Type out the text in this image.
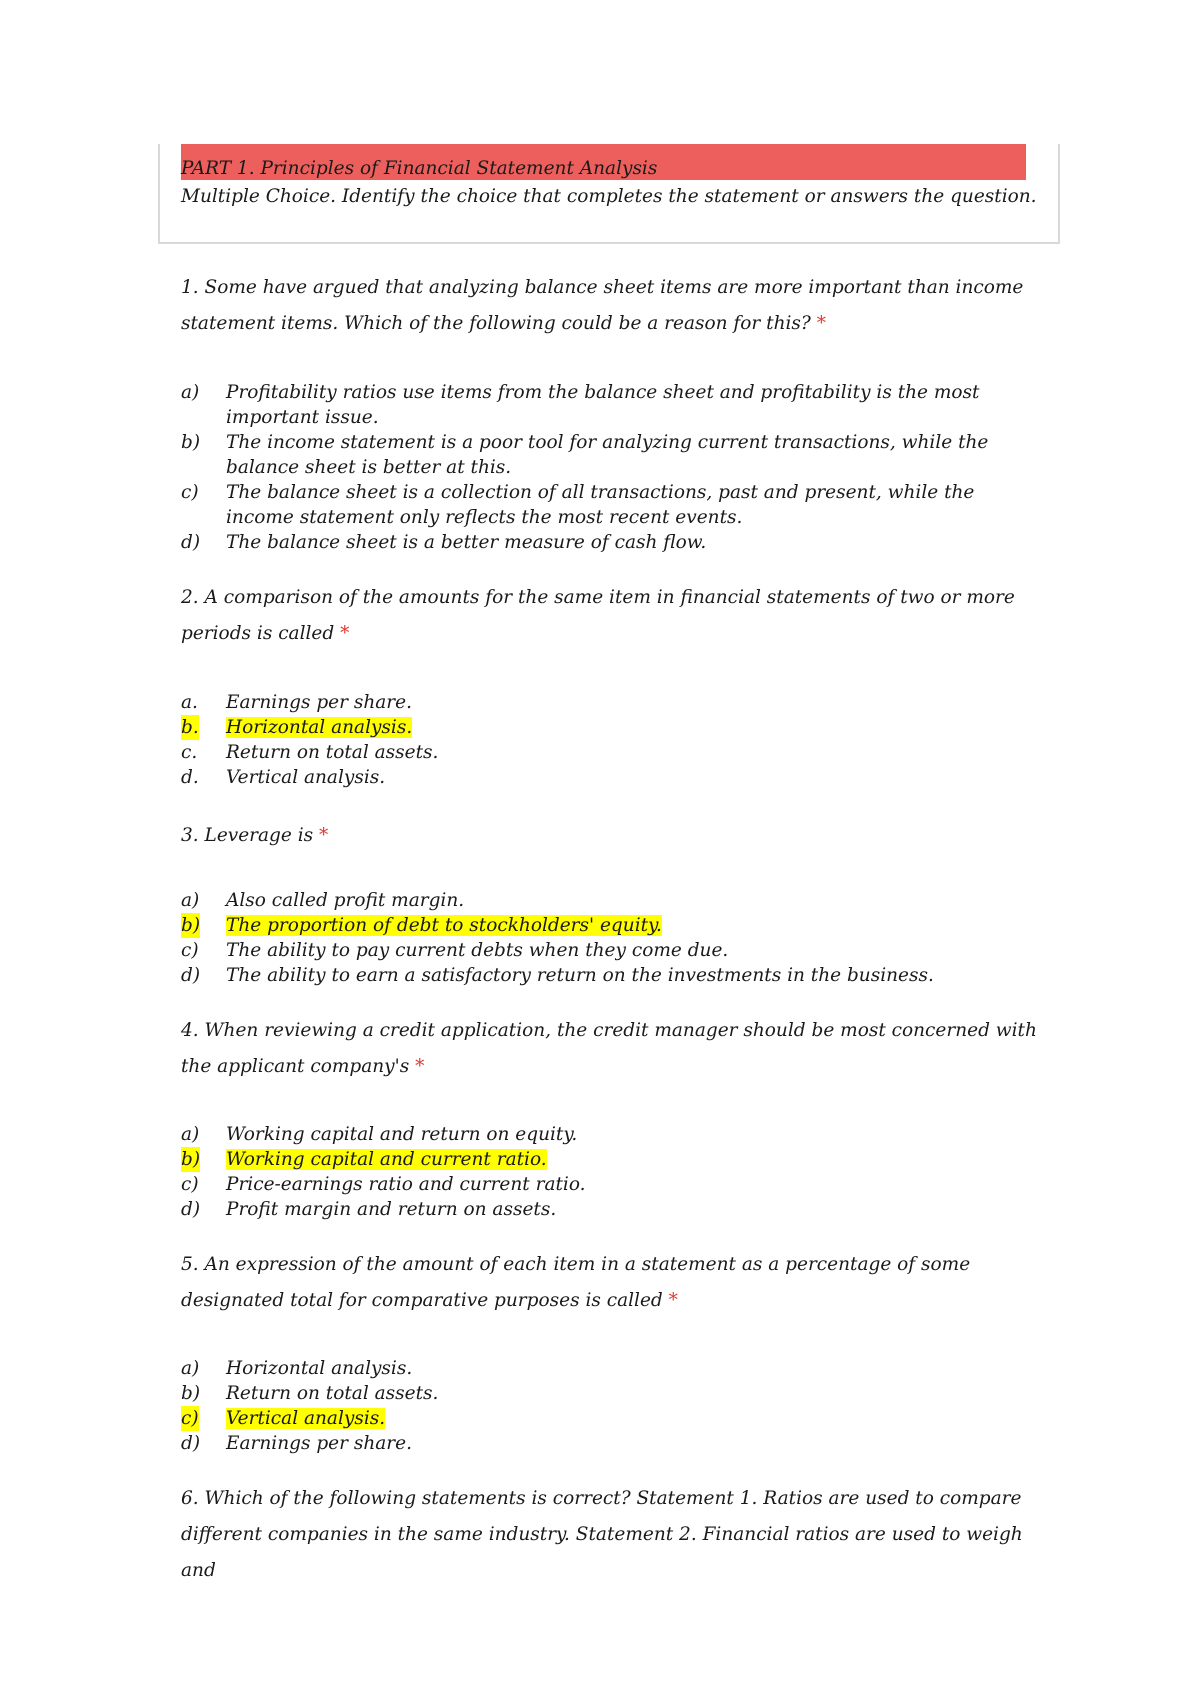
PART 1. Principles of Financial Statement Analysis
Multiple Choice. Identify the choice that completes the statement or answers the question.
1. Some have argued that analyzing balance sheet items are more important than income statement items. Which of the following could be a reason for this? *
a) Profitability ratios use items from the balance sheet and profitability is the most important issue.
b) The income statement is a poor tool for analyzing current transactions, while the balance sheet is better at this.
c) The balance sheet is a collection of all transactions, past and present, while the income statement only reflects the most recent events.
d) The balance sheet is a better measure of cash flow.
2. A comparison of the amounts for the same item in financial statements of two or more periods is called *
a. Earnings per share.
b. Horizontal analysis.
c. Return on total assets.
d. Vertical analysis.
3. Leverage is *
a) Also called profit margin.
b) The proportion of debt to stockholders' equity.
c) The ability to pay current debts when they come due.
d) The ability to earn a satisfactory return on the investments in the business.
4. When reviewing a credit application, the credit manager should be most concerned with the applicant company's *
a) Working capital and return on equity.
b) Working capital and current ratio.
c) Price-earnings ratio and current ratio.
d) Profit margin and return on assets.
5. An expression of the amount of each item in a statement as a percentage of some designated total for comparative purposes is called *
a) Horizontal analysis.
b) Return on total assets.
c) Vertical analysis.
d) Earnings per share.
6. Which of the following statements is correct? Statement 1. Ratios are used to compare different companies in the same industry. Statement 2. Financial ratios are used to weigh and
